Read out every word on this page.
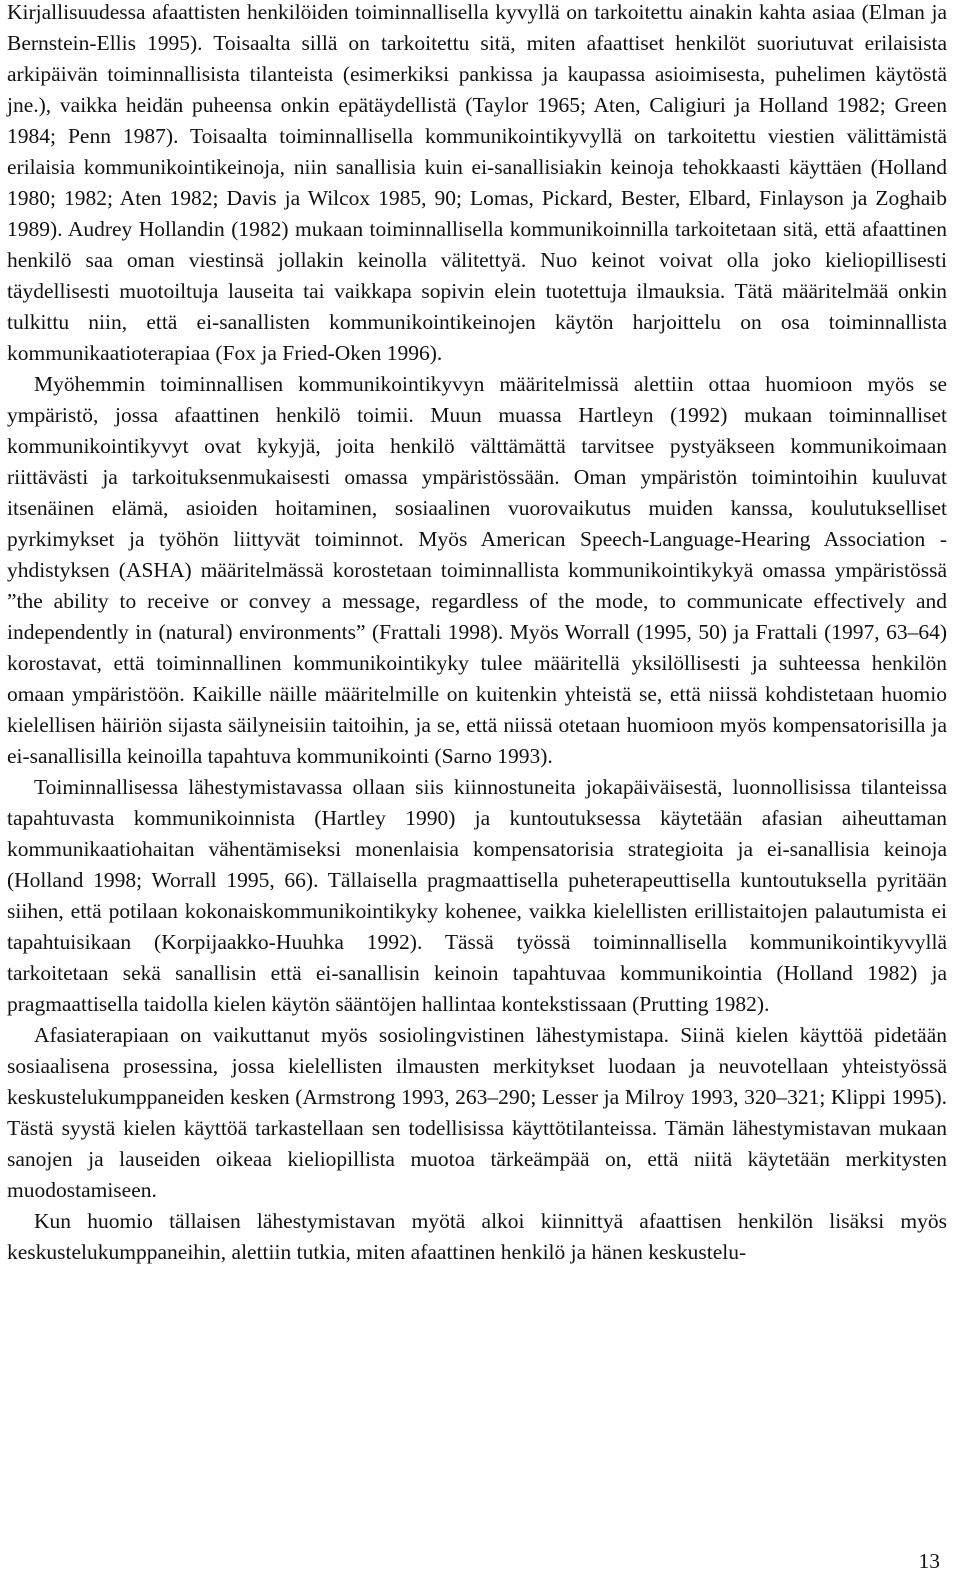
Kirjallisuudessa afaattisten henkilöiden toiminnallisella kyvyllä on tarkoitettu ainakin kahta asiaa (Elman ja Bernstein-Ellis 1995). Toisaalta sillä on tarkoitettu sitä, miten afaattiset henkilöt suoriutuvat erilaisista arkipäivän toiminnallisista tilanteista (esimerkiksi pankissa ja kaupassa asioimisesta, puhelimen käytöstä jne.), vaikka heidän puheensa onkin epätäydellistä (Taylor 1965; Aten, Caligiuri ja Holland 1982; Green 1984; Penn 1987). Toisaalta toiminnallisella kommunikointikyvyllä on tarkoitettu viestien välittämistä erilaisia kommunikointikeinoja, niin sanallisia kuin ei-sanallisiakin keinoja tehokkaasti käyttäen (Holland 1980; 1982; Aten 1982; Davis ja Wilcox 1985, 90; Lomas, Pickard, Bester, Elbard, Finlayson ja Zoghaib 1989). Audrey Hollandin (1982) mukaan toiminnallisella kommunikoinnilla tarkoitetaan sitä, että afaattinen henkilö saa oman viestinsä jollakin keinolla välitettyä. Nuo keinot voivat olla joko kieliopillisesti täydellisesti muotoiltuja lauseita tai vaikkapa sopivin elein tuotettuja ilmauksia. Tätä määritelmää onkin tulkittu niin, että ei-sanallisten kommunikointikeinojen käytön harjoittelu on osa toiminnallista kommunikaatioterapiaa (Fox ja Fried-Oken 1996).

Myöhemmin toiminnallisen kommunikointikyvyn määritelmissä alettiin ottaa huomioon myös se ympäristö, jossa afaattinen henkilö toimii. Muun muassa Hartleyn (1992) mukaan toiminnalliset kommunikointikyvyt ovat kykyjä, joita henkilö välttämättä tarvitsee pystyäkseen kommunikoimaan riittävästi ja tarkoituksenmukaisesti omassa ympäristössään. Oman ympäristön toimintoihin kuuluvat itsenäinen elämä, asioiden hoitaminen, sosiaalinen vuorovaikutus muiden kanssa, koulutukselliset pyrkimykset ja työhön liittyvät toiminnot. Myös American Speech-Language-Hearing Association -yhdistyksen (ASHA) määritelmässä korostetaan toiminnallista kommunikointikykyä omassa ympäristössä ”the ability to receive or convey a message, regardless of the mode, to communicate effectively and independently in (natural) environments” (Frattali 1998). Myös Worrall (1995, 50) ja Frattali (1997, 63–64) korostavat, että toiminnallinen kommunikointikyky tulee määritellä yksilöllisesti ja suhteessa henkilön omaan ympäristöön. Kaikille näille määritelmille on kuitenkin yhteistä se, että niissä kohdistetaan huomio kielellisen häiriön sijasta säilyneisiin taitoihin, ja se, että niissä otetaan huomioon myös kompensatorisilla ja ei-sanallisilla keinoilla tapahtuva kommunikointi (Sarno 1993).

Toiminnallisessa lähestymistavassa ollaan siis kiinnostuneita jokapäiväisestä, luonnollisissa tilanteissa tapahtuvasta kommunikoinnista (Hartley 1990) ja kuntoutuksessa käytetään afasian aiheuttaman kommunikaatiohaitan vähentämiseksi monenlaisia kompensatorisia strategioita ja ei-sanallisia keinoja (Holland 1998; Worrall 1995, 66). Tällaisella pragmaattisella puheterapeuttisella kuntoutuksella pyritään siihen, että potilaan kokonaiskommunikointikyky kohenee, vaikka kielellisten erillistaitojen palautumista ei tapahtuisikaan (Korpijaakko-Huuhka 1992). Tässä työssä toiminnallisella kommunikointikyvyllä tarkoitetaan sekä sanallisin että ei-sanallisin keinoin tapahtuvaa kommunikointia (Holland 1982) ja pragmaattisella taidolla kielen käytön sääntöjen hallintaa kontekstissaan (Prutting 1982).

Afasiaterapiaan on vaikuttanut myös sosiolingvistinen lähestymistapa. Siinä kielen käyttöä pidetään sosiaalisena prosessina, jossa kielellisten ilmausten merkitykset luodaan ja neuvotellaan yhteistyössä keskustelukumppaneiden kesken (Armstrong 1993, 263–290; Lesser ja Milroy 1993, 320–321; Klippi 1995). Tästä syystä kielen käyttöä tarkastellaan sen todellisissa käyttötilanteissa. Tämän lähestymistavan mukaan sanojen ja lauseiden oikeaa kieliopillista muotoa tärkeämpää on, että niitä käytetään merkitysten muodostamiseen.

Kun huomio tällaisen lähestymistavan myötä alkoi kiinnittyä afaattisen henkilön lisäksi myös keskustelukumppaneihin, alettiin tutkia, miten afaattinen henkilö ja hänen keskustelu-

13
